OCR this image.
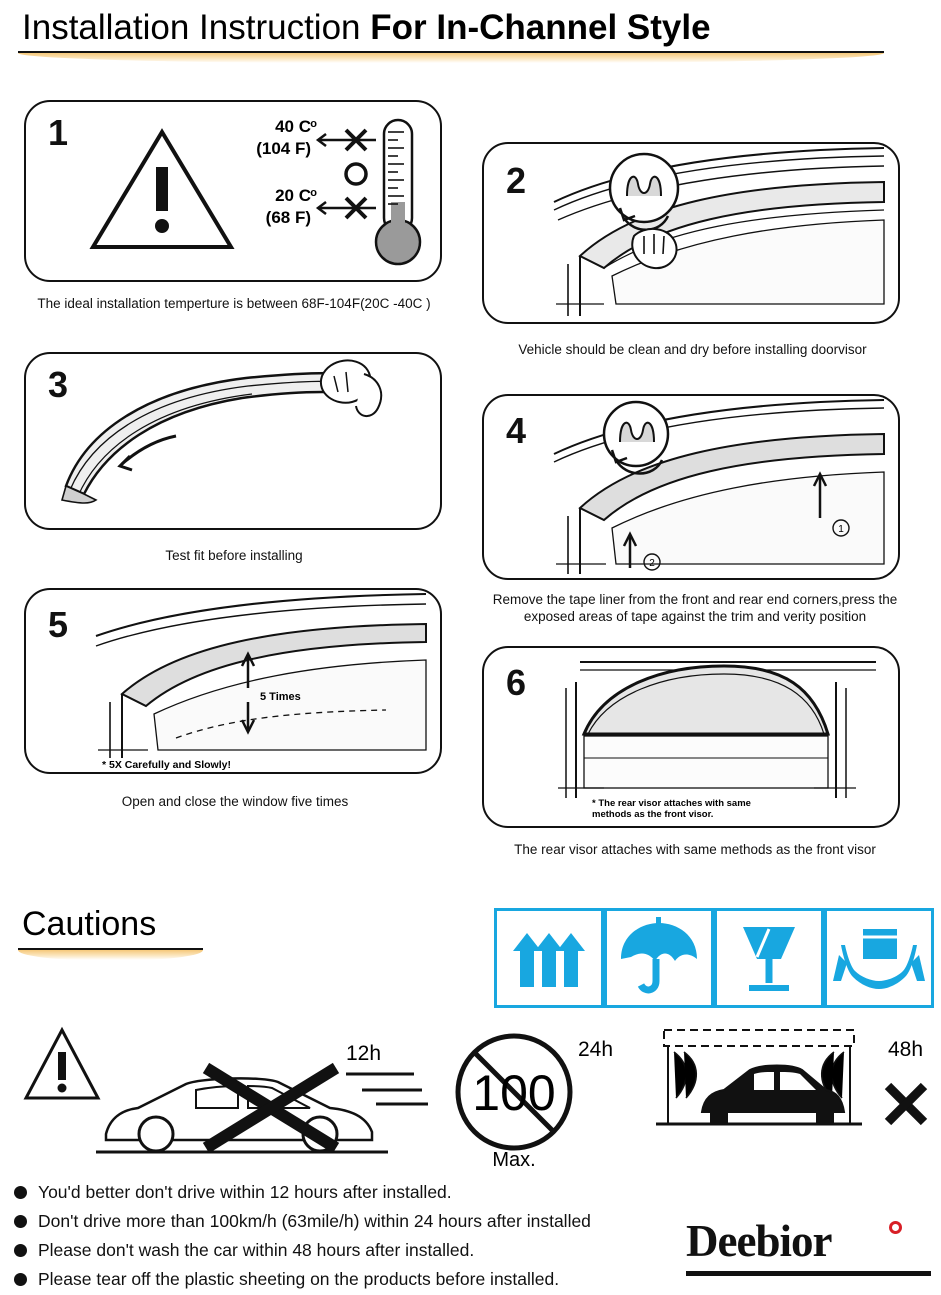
Installation Instruction For In-Channel Style
1	40 C o
(104 F)
20 C o
(68 F)
The ideal installation temperture is between 68F-104F(20C -40C )
2
Vehicle should be clean and dry before installing doorvisor
3
Test fit before installing
4
1
2
Remove the tape liner from the front and rear end corners,press the exposed areas of tape against the trim and verity position
5
5 Times
* 5X Carefully and Slowly!
Open and close the window five times
6
* The rear visor attaches with same
methods as the front visor.
The rear visor attaches with same methods as the front visor
Cautions
12h
100
Max.
24h	48h
You'd better don't drive within 12 hours after installed.
Don't drive more than 100km/h (63mile/h) within 24 hours after installed
Please don't wash the car within 48 hours after installed.
Please tear off the plastic sheeting on the products before installed.
Deebior
